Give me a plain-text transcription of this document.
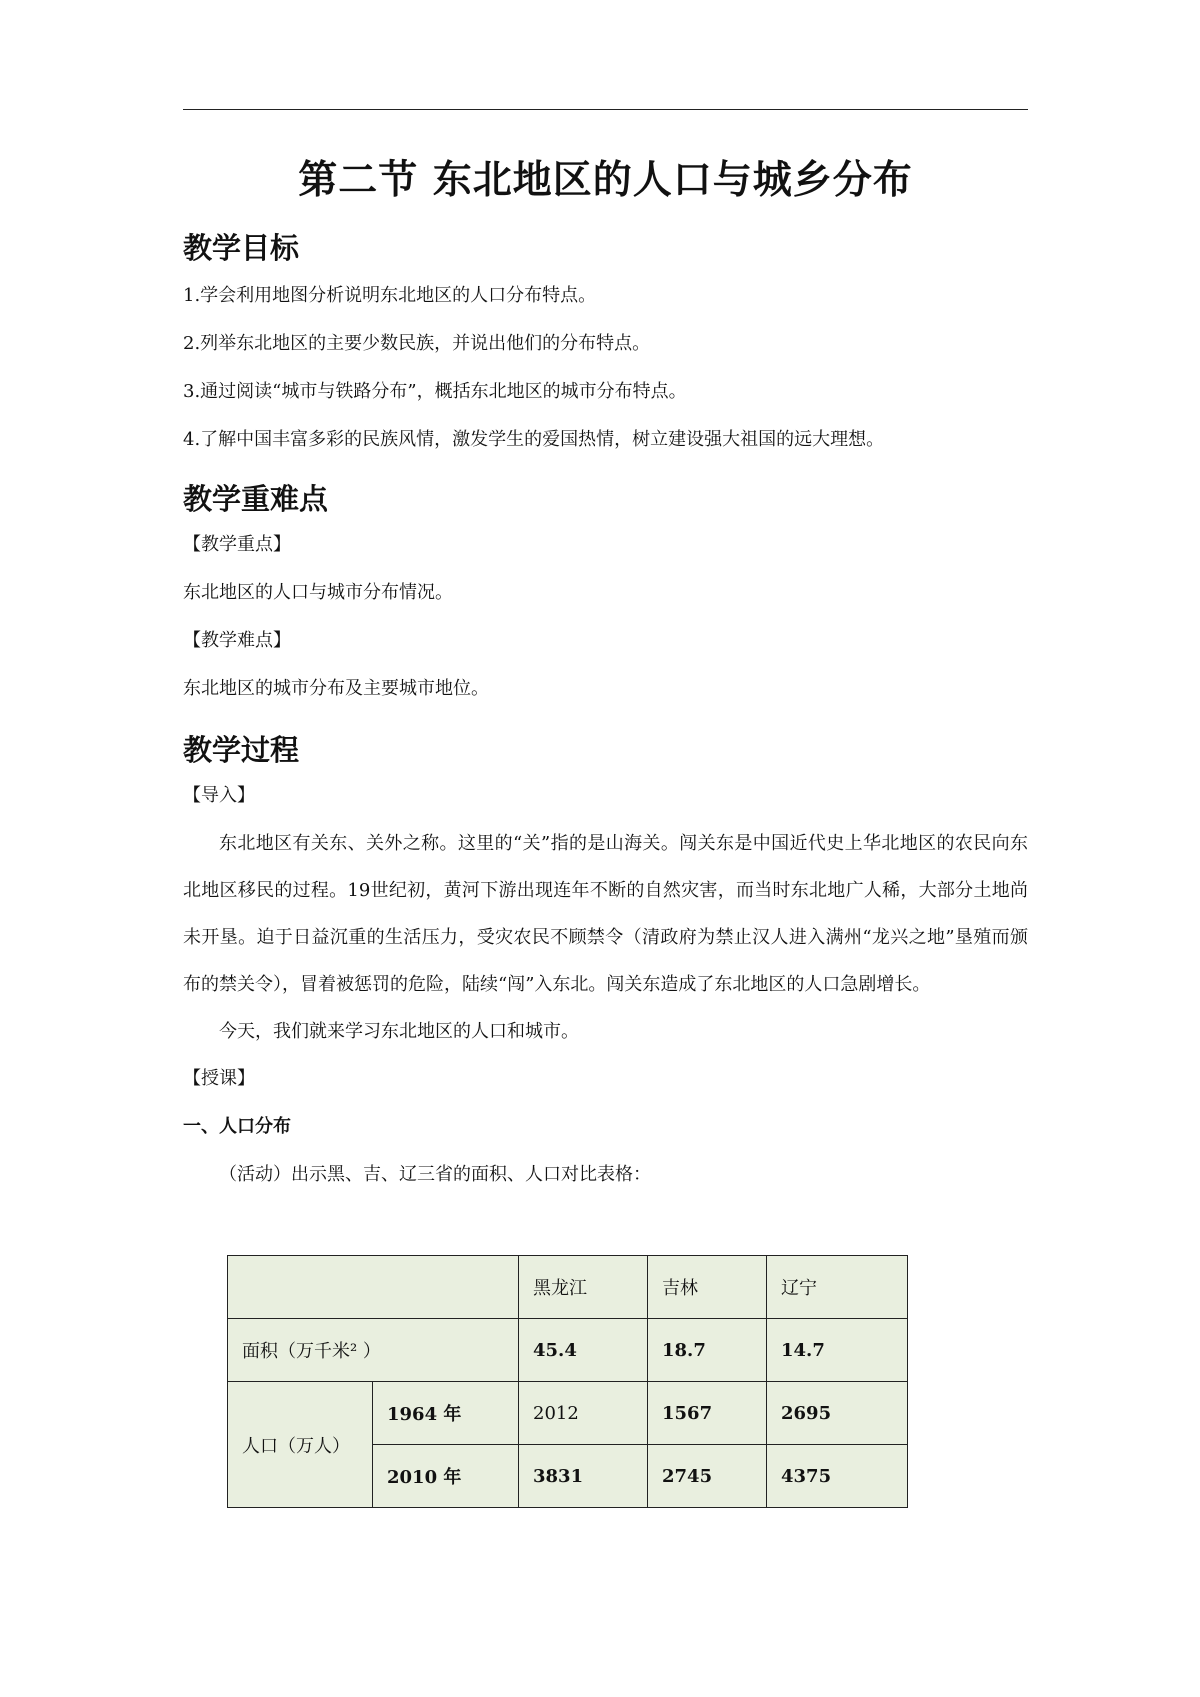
第二节 东北地区的人口与城乡分布
教学目标

1.学会利用地图分析说明东北地区的人口分布特点。

2.列举东北地区的主要少数民族，并说出他们的分布特点。

3.通过阅读“城市与铁路分布”，概括东北地区的城市分布特点。

4.了解中国丰富多彩的民族风情，激发学生的爱国热情，树立建设强大祖国的远大理想。

教学重难点

【教学重点】

东北地区的人口与城市分布情况。

【教学难点】

东北地区的城市分布及主要城市地位。

教学过程

【导入】

东北地区有关东、关外之称。这里的“关”指的是山海关。闯关东是中国近代史上华北地区的农民向东北地区移民的过程。19世纪初，黄河下游出现连年不断的自然灾害，而当时东北地广人稀，大部分土地尚未开垦。迫于日益沉重的生活压力，受灾农民不顾禁令（清政府为禁止汉人进入满州“龙兴之地”垦殖而颁布的禁关令），冒着被惩罚的危险，陆续“闯”入东北。闯关东造成了东北地区的人口急剧增长。

今天，我们就来学习东北地区的人口和城市。

【授课】

一、人口分布

（活动）出示黑、吉、辽三省的面积、人口对比表格：

		黑龙江	吉林	辽宁
面积（万千米² ）		45.4	18.7	14.7
人口（万人）	1964 年	2012	1567	2695
	2010 年	3831	2745	4375
